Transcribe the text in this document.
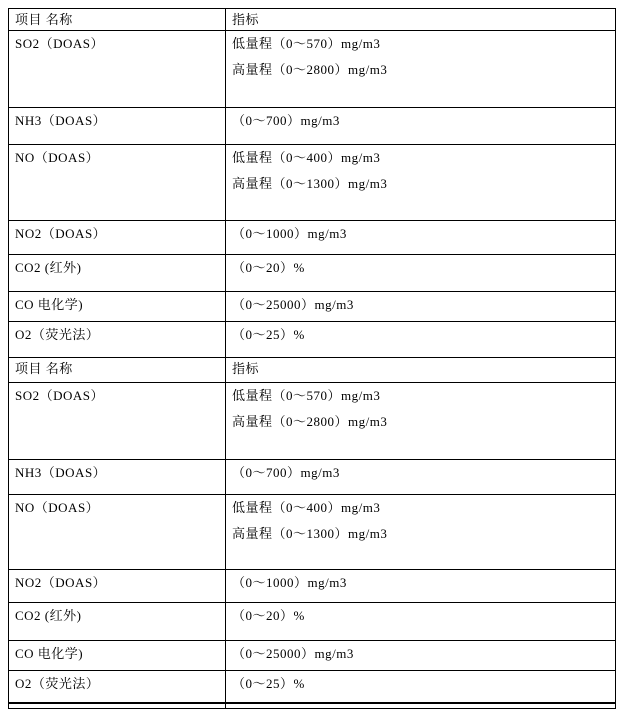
项目 名称	指标
SO2（DOAS）	低量程（0～570）mg/m3
高量程（0～2800）mg/m3

NH3（DOAS）	（0～700）mg/m3

NO（DOAS）	低量程（0～400）mg/m3
高量程（0～1300）mg/m3

NO2（DOAS）	（0～1000）mg/m3

CO2 (红外)	（0～20）%

CO 电化学)	（0～25000）mg/m3

O2（荧光法）	（0～25）%

项目 名称	指标
SO2（DOAS）	低量程（0～570）mg/m3
高量程（0～2800）mg/m3

NH3（DOAS）	（0～700）mg/m3

NO（DOAS）	低量程（0～400）mg/m3
高量程（0～1300）mg/m3

NO2（DOAS）	（0～1000）mg/m3

CO2 (红外)	（0～20）%

CO 电化学)	（0～25000）mg/m3

O2（荧光法）	（0～25）%
